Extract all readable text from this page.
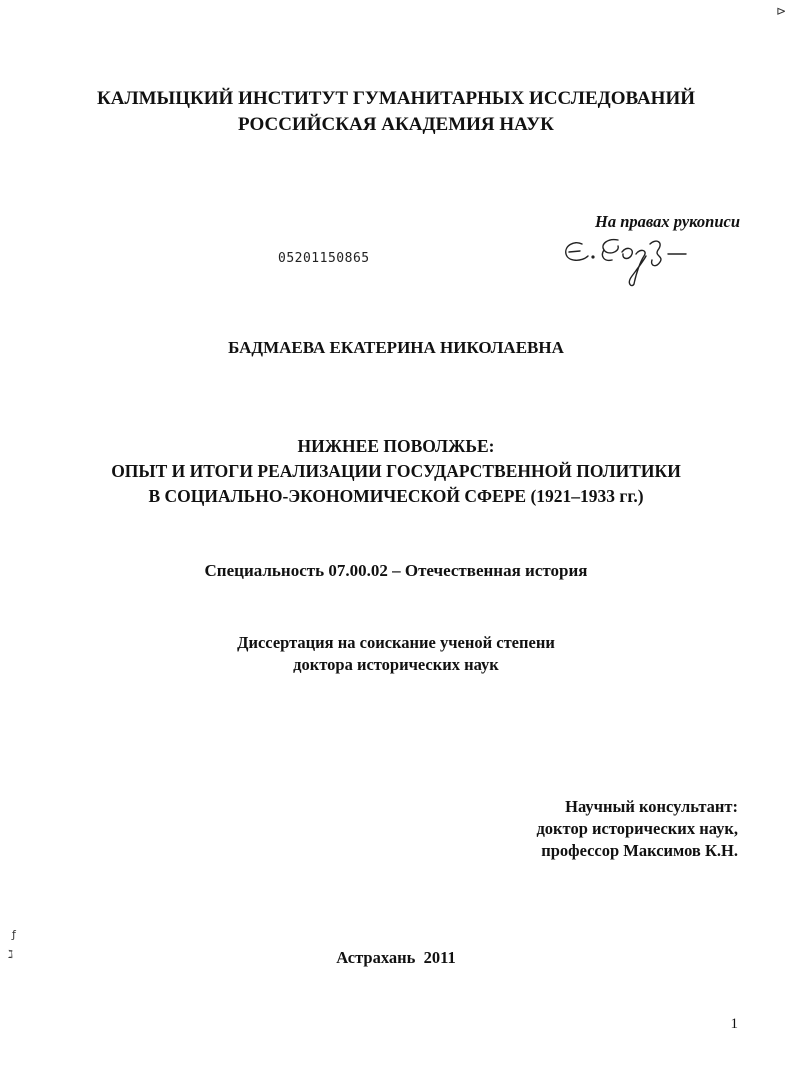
⊳
ƒ
ℷ
КАЛМЫЦКИЙ ИНСТИТУТ ГУМАНИТАРНЫХ ИССЛЕДОВАНИЙ
РОССИЙСКАЯ АКАДЕМИЯ НАУК
На правах рукописи
05201150865
БАДМАЕВА ЕКАТЕРИНА НИКОЛАЕВНА
НИЖНЕЕ ПОВОЛЖЬЕ:
ОПЫТ И ИТОГИ РЕАЛИЗАЦИИ ГОСУДАРСТВЕННОЙ ПОЛИТИКИ
В СОЦИАЛЬНО-ЭКОНОМИЧЕСКОЙ СФЕРЕ (1921–1933 гг.)
Специальность 07.00.02 – Отечественная история
Диссертация на соискание ученой степени
доктора исторических наук
Научный консультант:
доктор исторических наук,
профессор Максимов К.Н.
Астрахань  2011
1
